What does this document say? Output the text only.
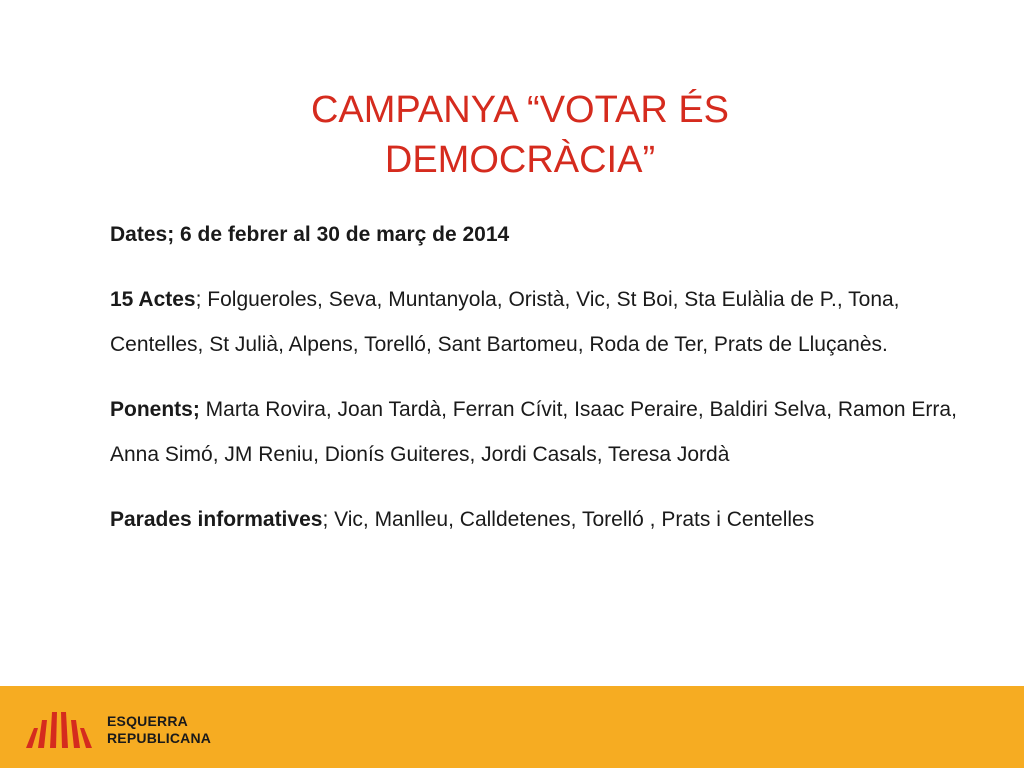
CAMPANYA “VOTAR ÉS
DEMOCRÀCIA”

Dates; 6 de febrer al 30 de març de 2014

15 Actes; Folgueroles, Seva, Muntanyola, Oristà, Vic, St Boi, Sta Eulàlia de P., Tona, Centelles, St Julià, Alpens, Torelló, Sant Bartomeu, Roda de Ter, Prats de Lluçanès.

Ponents; Marta Rovira, Joan Tardà, Ferran Cívit, Isaac Peraire, Baldiri Selva, Ramon Erra, Anna Simó, JM Reniu, Dionís Guiteres, Jordi Casals, Teresa Jordà

Parades informatives; Vic, Manlleu, Calldetenes, Torelló , Prats i Centelles

ESQUERRA
REPUBLICANA
